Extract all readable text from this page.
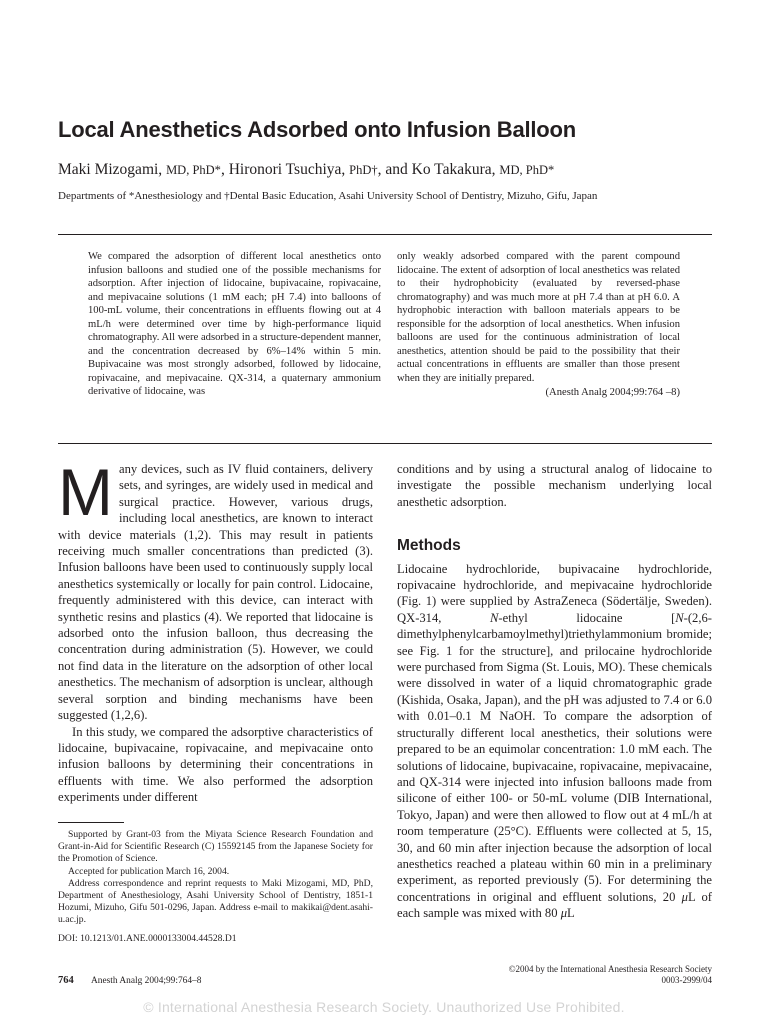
Local Anesthetics Adsorbed onto Infusion Balloon
Maki Mizogami, MD, PhD*, Hironori Tsuchiya, PhD†, and Ko Takakura, MD, PhD*
Departments of *Anesthesiology and †Dental Basic Education, Asahi University School of Dentistry, Mizuho, Gifu, Japan
We compared the adsorption of different local anesthetics onto infusion balloons and studied one of the possible mechanisms for adsorption. After injection of lidocaine, bupivacaine, ropivacaine, and mepivacaine solutions (1 mM each; pH 7.4) into balloons of 100-mL volume, their concentrations in effluents flowing out at 4 mL/h were determined over time by high-performance liquid chromatography. All were adsorbed in a structure-dependent manner, and the concentration decreased by 6%–14% within 5 min. Bupivacaine was most strongly adsorbed, followed by lidocaine, ropivacaine, and mepivacaine. QX-314, a quaternary ammonium derivative of lidocaine, was
only weakly adsorbed compared with the parent compound lidocaine. The extent of adsorption of local anesthetics was related to their hydrophobicity (evaluated by reversed-phase chromatography) and was much more at pH 7.4 than at pH 6.0. A hydrophobic interaction with balloon materials appears to be responsible for the adsorption of local anesthetics. When infusion balloons are used for the continuous administration of local anesthetics, attention should be paid to the possibility that their actual concentrations in effluents are smaller than those present when they are initially prepared.
(Anesth Analg 2004;99:764 –8)

Many devices, such as IV fluid containers, delivery sets, and syringes, are widely used in medical and surgical practice. However, various drugs, including local anesthetics, are known to interact with device materials (1,2). This may result in patients receiving much smaller concentrations than predicted (3). Infusion balloons have been used to continuously supply local anesthetics systemically or locally for pain control. Lidocaine, frequently administered with this device, can interact with synthetic resins and plastics (4). We reported that lidocaine is adsorbed onto the infusion balloon, thus decreasing the concentration during administration (5). However, we could not find data in the literature on the adsorption of other local anesthetics. The mechanism of adsorption is unclear, although several sorption and binding mechanisms have been suggested (1,2,6).

In this study, we compared the adsorptive characteristics of lidocaine, bupivacaine, ropivacaine, and mepivacaine onto infusion balloons by determining their concentrations in effluents with time. We also performed the adsorption experiments under different

conditions and by using a structural analog of lidocaine to investigate the possible mechanism underlying local anesthetic adsorption.

Methods

Lidocaine hydrochloride, bupivacaine hydrochloride, ropivacaine hydrochloride, and mepivacaine hydrochloride (Fig. 1) were supplied by AstraZeneca (Södertälje, Sweden). QX-314, N-ethyl lidocaine [N-(2,6-dimethylphenylcarbamoylmethyl)triethylammonium bromide; see Fig. 1 for the structure], and prilocaine hydrochloride were purchased from Sigma (St. Louis, MO). These chemicals were dissolved in water of a liquid chromatographic grade (Kishida, Osaka, Japan), and the pH was adjusted to 7.4 or 6.0 with 0.01–0.1 M NaOH. To compare the adsorption of structurally different local anesthetics, their solutions were prepared to be an equimolar concentration: 1.0 mM each. The solutions of lidocaine, bupivacaine, ropivacaine, mepivacaine, and QX-314 were injected into infusion balloons made from silicone of either 100- or 50-mL volume (DIB International, Tokyo, Japan) and were then allowed to flow out at 4 mL/h at room temperature (25°C). Effluents were collected at 5, 15, 30, and 60 min after injection because the adsorption of local anesthetics reached a plateau within 60 min in a preliminary experiment, as reported previously (5). For determining the concentrations in original and effluent solutions, 20 μL of each sample was mixed with 80 μL

Supported by Grant-03 from the Miyata Science Research Foundation and Grant-in-Aid for Scientific Research (C) 15592145 from the Japanese Society for the Promotion of Science.

Accepted for publication March 16, 2004.

Address correspondence and reprint requests to Maki Mizogami, MD, PhD, Department of Anesthesiology, Asahi University School of Dentistry, 1851-1 Hozumi, Mizuho, Gifu 501-0296, Japan. Address e-mail to makikai@dent.asahi-u.ac.jp.

DOI: 10.1213/01.ANE.0000133004.44528.D1

764 Anesth Analg 2004;99:764–8
©2004 by the International Anesthesia Research Society
0003-2999/04
© International Anesthesia Research Society. Unauthorized Use Prohibited.
